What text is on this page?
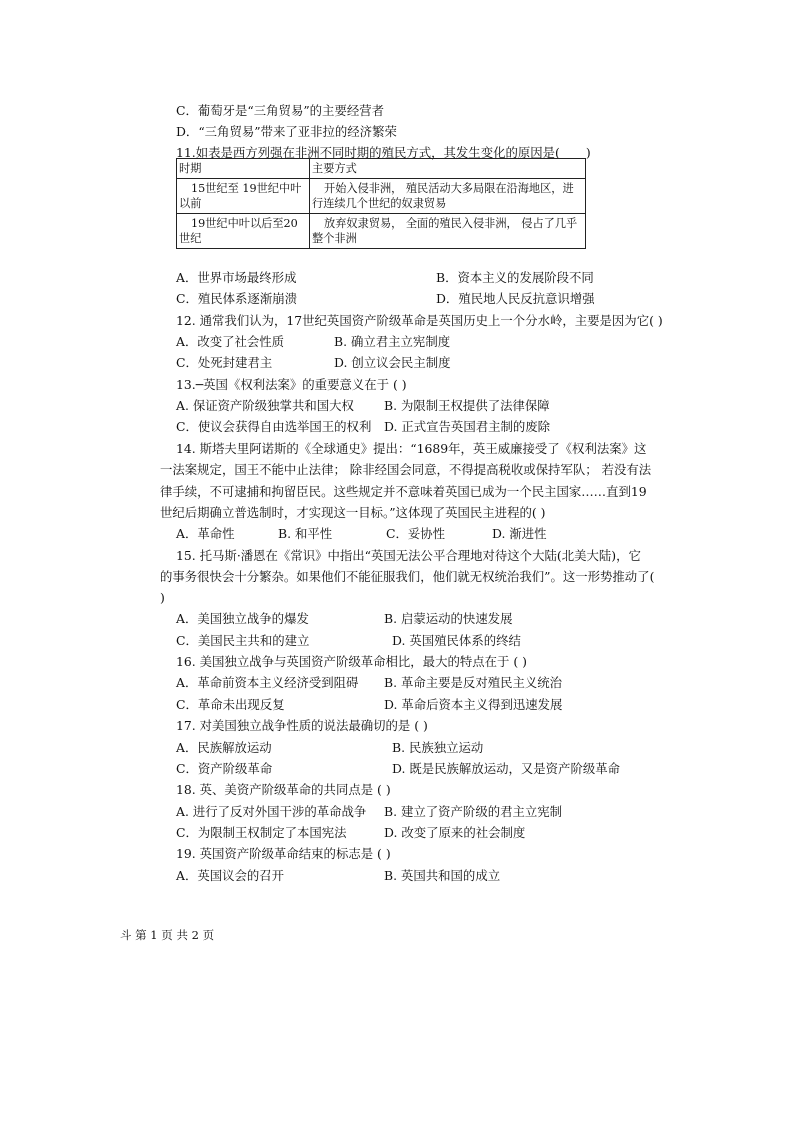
C．葡萄牙是“三角贸易”的主要经营者
D．“三角贸易”带来了亚非拉的经济繁荣
11.如表是西方列强在非洲不同时期的殖民方式，其发生变化的原因是( )
时期	主要方式
15世纪至 19世纪中叶以前	开始入侵非洲， 殖民活动大多局限在沿海地区，进行连续几个世纪的奴隶贸易
19世纪中叶以后至20世纪	放弃奴隶贸易， 全面的殖民入侵非洲， 侵占了几乎整个非洲
A．世界市场最终形成	B．资本主义的发展阶段不同
C．殖民体系逐渐崩溃	D．殖民地人民反抗意识增强
12. 通常我们认为，17世纪英国资产阶级革命是英国历史上一个分水岭，主要是因为它( )
A．改变了社会性质	B. 确立君主立宪制度
C．处死封建君主	D. 创立议会民主制度
13.─英国《权利法案》的重要意义在于 ( )
A. 保证资产阶级独掌共和国大权 B. 为限制王权提供了法律保障
C．使议会获得自由选举国王的权利 D. 正式宣告英国君主制的废除
14. 斯塔夫里阿诺斯的《全球通史》提出：“1689年，英王威廉接受了《权利法案》这
一法案规定，国王不能中止法律； 除非经国会同意，不得提高税收或保持军队； 若没有法
律手续，不可逮捕和拘留臣民。这些规定并不意味着英国已成为一个民主国家……直到19
世纪后期确立普选制时，才实现这一目标。”这体现了英国民主进程的( )
A．革命性	B. 和平性	C．妥协性	D. 渐进性
15. 托马斯·潘恩在《常识》中指出“英国无法公平合理地对待这个大陆(北美大陆)，它
的事务很快会十分繁杂。如果他们不能征服我们，他们就无权统治我们”。这一形势推动了(
)
A．美国独立战争的爆发	B. 启蒙运动的快速发展
C．美国民主共和的建立	D. 英国殖民体系的终结
16. 美国独立战争与英国资产阶级革命相比，最大的特点在于 ( )
A．革命前资本主义经济受到阻碍 B. 革命主要是反对殖民主义统治
C．革命未出现反复	D. 革命后资本主义得到迅速发展
17. 对美国独立战争性质的说法最确切的是 ( )
A．民族解放运动	B. 民族独立运动
C．资产阶级革命	D. 既是民族解放运动，又是资产阶级革命
18. 英、美资产阶级革命的共同点是 ( )
A. 进行了反对外国干涉的革命战争 B. 建立了资产阶级的君主立宪制
C．为限制王权制定了本国宪法	D. 改变了原来的社会制度
19. 英国资产阶级革命结束的标志是 ( )
A．英国议会的召开	B. 英国共和国的成立
斗 第 1 页 共 2 页
